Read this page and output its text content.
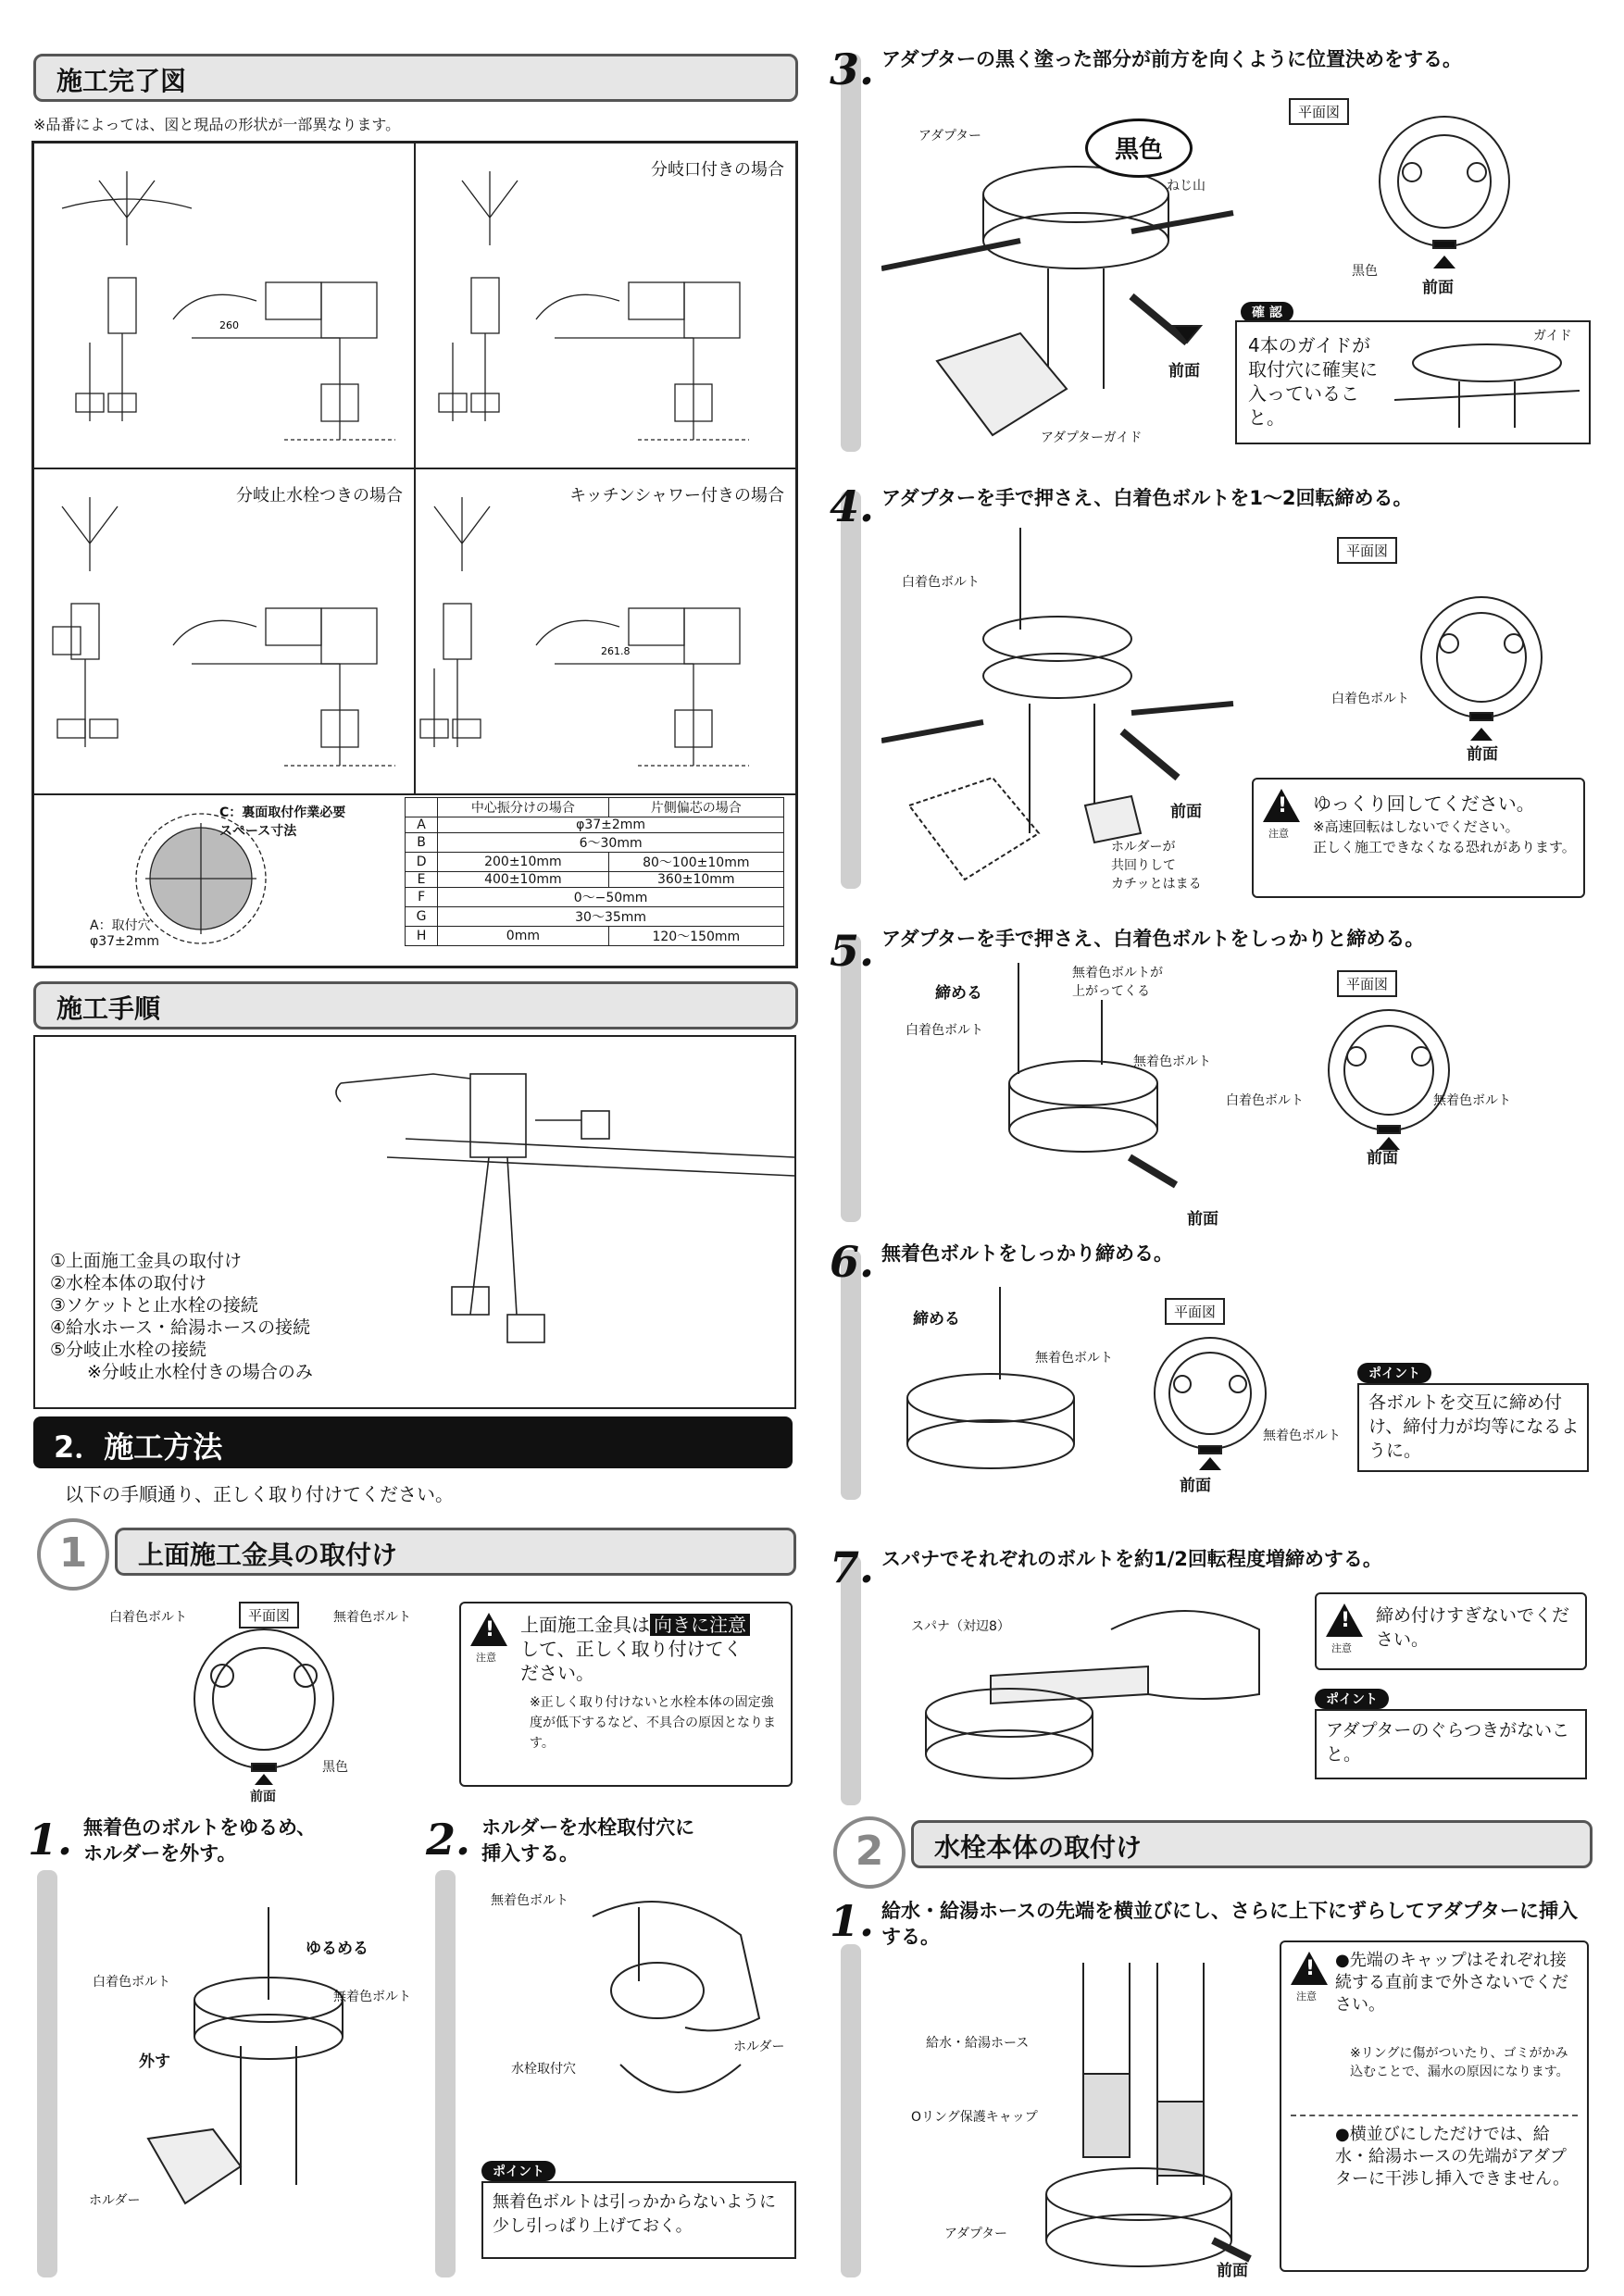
施工完了図
※品番によっては、図と現品の形状が一部異なります。
260
分岐口付きの場合
分岐止水栓つきの場合	キッチンシャワー付きの場合
261.8
C：裏面取付作業必要
スペース寸法
A：取付穴
φ37±2mm
	中心振分けの場合	片側偏芯の場合
A	φ37±2mm	
B	6〜30mm	
D	200±10mm	80〜100±10mm
E	400±10mm	360±10mm
F	0〜−50mm	
G	30〜35mm	
H	0mm	120〜150mm
施工手順
①上面施工金具の取付け
②水栓本体の取付け
③ソケットと止水栓の接続
④給水ホース・給湯ホースの接続
⑤分岐止水栓の接続
※分岐止水栓付きの場合のみ
2．施工方法
以下の手順通り、正しく取り付けてください。
1	上面施工金具の取付け
平面図
白着色ボルト	無着色ボルト
黒色
前面
!
注意
上面施工金具は 向きに注意
して、正しく取り付けてく
ださい。
※正しく取り付けないと水栓本体の固定強度が低下するなど、不具合の原因となります。
1. 無着色のボルトをゆるめ、
ホルダーを外す。
ゆるめる
白着色ボルト
無着色ボルト
外す
ホルダー
2. ホルダーを水栓取付穴に
挿入する。
無着色ボルト
水栓取付穴
ホルダー
ポイント
無着色ボルトは引っかからないように少し引っぱり上げておく。
3. アダプターの黒く塗った部分が前方を向くように位置決めをする。
アダプター	黒色
ねじ山
前面
アダプターガイド
平面図
黒色
前面
確 認
4本のガイドが取付穴に確実に入っていること。
ガイド
4. アダプターを手で押さえ、白着色ボルトを1〜2回転締める。
白着色ボルト
前面
ホルダーが
共回りして
カチッとはまる
平面図
白着色ボルト
前面
!
注意
ゆっくり回してください。
※高速回転はしないでください。
正しく施工できなくなる恐れがあります。
5. アダプターを手で押さえ、白着色ボルトをしっかりと締める。
締める
無着色ボルトが
上がってくる
白着色ボルト
無着色ボルト
前面
平面図
白着色ボルト	無着色ボルト
前面
6. 無着色ボルトをしっかり締める。
締める
無着色ボルト
平面図
無着色ボルト
前面
ポイント
各ボルトを交互に締め付け、締付力が均等になるように。
7. スパナでそれぞれのボルトを約1/2回転程度増締めする。
スパナ（対辺8）
!
注意
締め付けすぎないでください。
ポイント
アダプターのぐらつきがないこと。
2	水栓本体の取付け
1. 給水・給湯ホースの先端を横並びにし、さらに上下にずらしてアダプターに挿入する。
給水・給湯ホース
Oリング保護キャップ
アダプター
前面
!
注意
●先端のキャップはそれぞれ接続する直前まで外さないでください。
※リングに傷がついたり、ゴミがかみ込むことで、漏水の原因になります。
●横並びにしただけでは、給水・給湯ホースの先端がアダプターに干渉し挿入できません。
